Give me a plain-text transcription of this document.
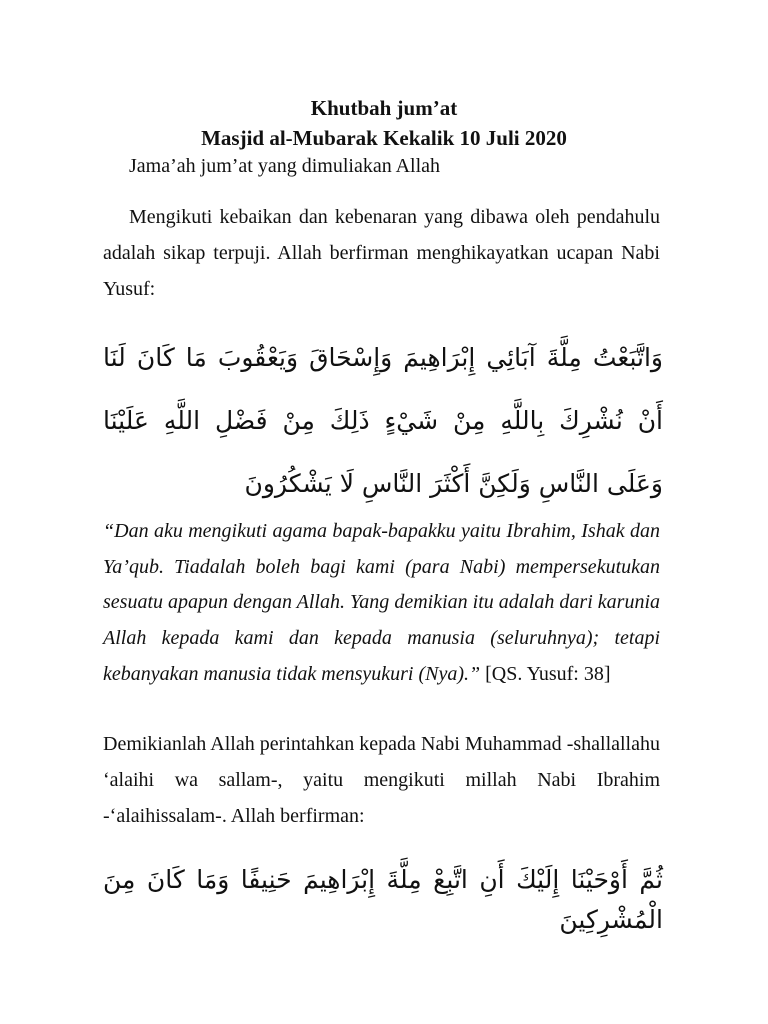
Khutbah jum’at

Masjid al-Mubarak Kekalik 10 Juli 2020

Jama’ah jum’at yang dimuliakan Allah

Mengikuti kebaikan dan kebenaran yang dibawa oleh pendahulu adalah sikap terpuji. Allah berfirman menghikayatkan ucapan Nabi Yusuf:

وَاتَّبَعْتُ مِلَّةَ آبَائِي إِبْرَاهِيمَ وَإِسْحَاقَ وَيَعْقُوبَ مَا كَانَ لَنَا أَنْ نُشْرِكَ بِاللَّهِ مِنْ شَيْءٍ ذَلِكَ مِنْ فَضْلِ اللَّهِ عَلَيْنَا وَعَلَى النَّاسِ وَلَكِنَّ أَكْثَرَ النَّاسِ لَا يَشْكُرُونَ

“Dan aku mengikuti agama bapak-bapakku yaitu Ibrahim, Ishak dan Ya’qub. Tiadalah boleh bagi kami (para Nabi) mempersekutukan sesuatu apapun dengan Allah. Yang demikian itu adalah dari karunia Allah kepada kami dan kepada manusia (seluruhnya); tetapi kebanyakan manusia tidak mensyukuri (Nya).” [QS. Yusuf: 38]

Demikianlah Allah perintahkan kepada Nabi Muhammad -shallallahu ‘alaihi wa sallam-, yaitu mengikuti millah Nabi Ibrahim -‘alaihissalam-. Allah berfirman:

ثُمَّ أَوْحَيْنَا إِلَيْكَ أَنِ اتَّبِعْ مِلَّةَ إِبْرَاهِيمَ حَنِيفًا وَمَا كَانَ مِنَ الْمُشْرِكِينَ
